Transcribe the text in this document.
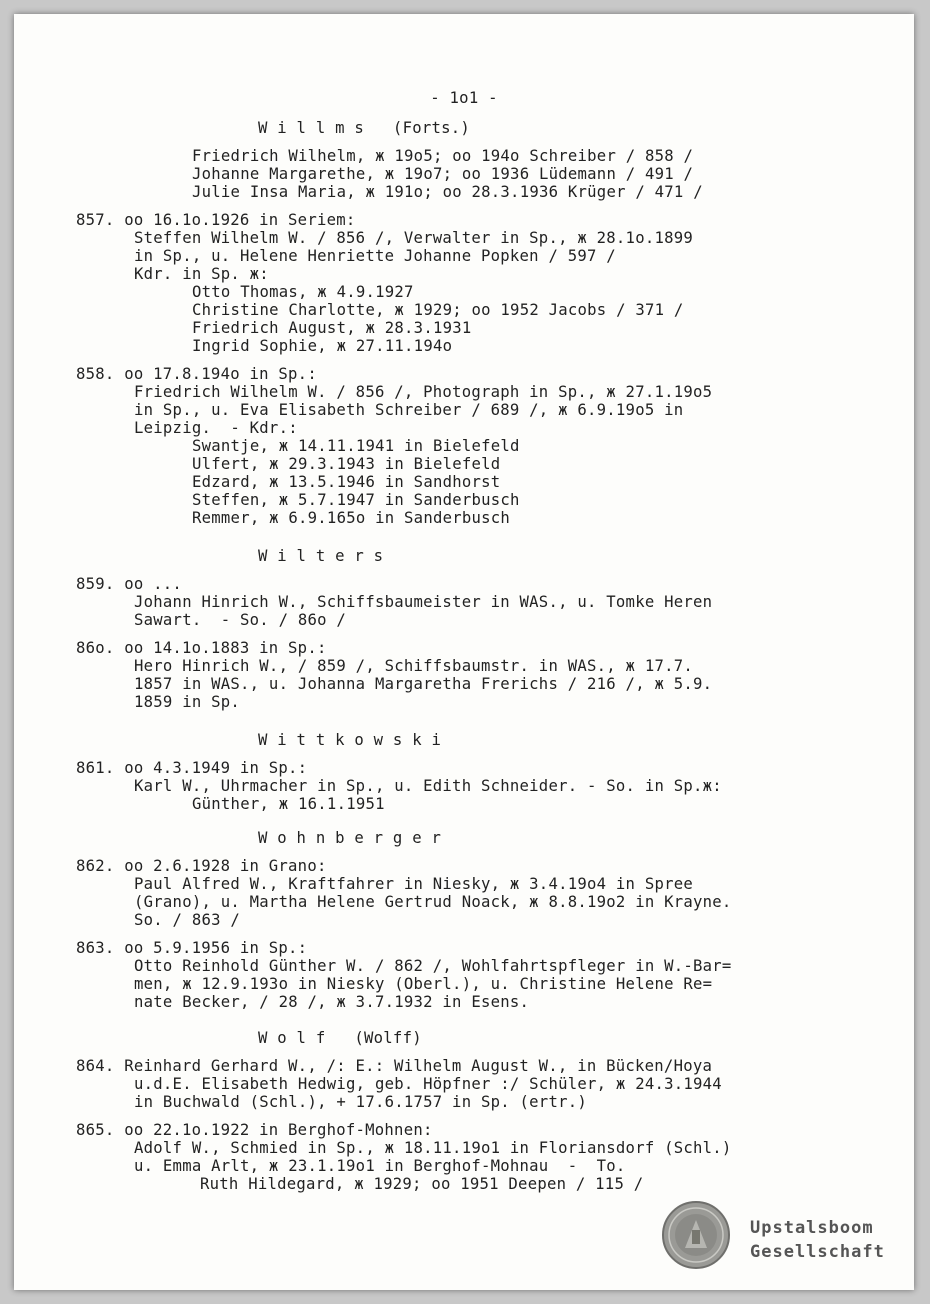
Upstalsboom
Gesellschaft
- 1o1 -
W i l l m s   (Forts.)
Friedrich Wilhelm, ж 19o5; oo 194o Schreiber / 858 /
Johanne Margarethe, ж 19o7; oo 1936 Lüdemann / 491 /
Julie Insa Maria, ж 191o; oo 28.3.1936 Krüger / 471 /
857. oo 16.1o.1926 in Seriem:
Steffen Wilhelm W. / 856 /, Verwalter in Sp., ж 28.1o.1899
in Sp., u. Helene Henriette Johanne Popken / 597 /
Kdr. in Sp. ж:
Otto Thomas, ж 4.9.1927
Christine Charlotte, ж 1929; oo 1952 Jacobs / 371 /
Friedrich August, ж 28.3.1931
Ingrid Sophie, ж 27.11.194o
858. oo 17.8.194o in Sp.:
Friedrich Wilhelm W. / 856 /, Photograph in Sp., ж 27.1.19o5
in Sp., u. Eva Elisabeth Schreiber / 689 /, ж 6.9.19o5 in
Leipzig.  - Kdr.:
Swantje, ж 14.11.1941 in Bielefeld
Ulfert, ж 29.3.1943 in Bielefeld
Edzard, ж 13.5.1946 in Sandhorst
Steffen, ж 5.7.1947 in Sanderbusch
Remmer, ж 6.9.165o in Sanderbusch
W i l t e r s
859. oo ...
Johann Hinrich W., Schiffsbaumeister in WAS., u. Tomke Heren
Sawart.  - So. / 86o /
86o. oo 14.1o.1883 in Sp.:
Hero Hinrich W., / 859 /, Schiffsbaumstr. in WAS., ж 17.7.
1857 in WAS., u. Johanna Margaretha Frerichs / 216 /, ж 5.9.
1859 in Sp.
W i t t k o w s k i
861. oo 4.3.1949 in Sp.:
Karl W., Uhrmacher in Sp., u. Edith Schneider. - So. in Sp.ж:
Günther, ж 16.1.1951
W o h n b e r g e r
862. oo 2.6.1928 in Grano:
Paul Alfred W., Kraftfahrer in Niesky, ж 3.4.19o4 in Spree
(Grano), u. Martha Helene Gertrud Noack, ж 8.8.19o2 in Krayne.
So. / 863 /
863. oo 5.9.1956 in Sp.:
Otto Reinhold Günther W. / 862 /, Wohlfahrtspfleger in W.-Bar=
men, ж 12.9.193o in Niesky (Oberl.), u. Christine Helene Re=
nate Becker, / 28 /, ж 3.7.1932 in Esens.
W o l f   (Wolff)
864. Reinhard Gerhard W., /: E.: Wilhelm August W., in Bücken/Hoya
u.d.E. Elisabeth Hedwig, geb. Höpfner :/ Schüler, ж 24.3.1944
in Buchwald (Schl.), + 17.6.1757 in Sp. (ertr.)
865. oo 22.1o.1922 in Berghof-Mohnen:
Adolf W., Schmied in Sp., ж 18.11.19o1 in Floriansdorf (Schl.)
u. Emma Arlt, ж 23.1.19o1 in Berghof-Mohnau  -  To.
Ruth Hildegard, ж 1929; oo 1951 Deepen / 115 /
